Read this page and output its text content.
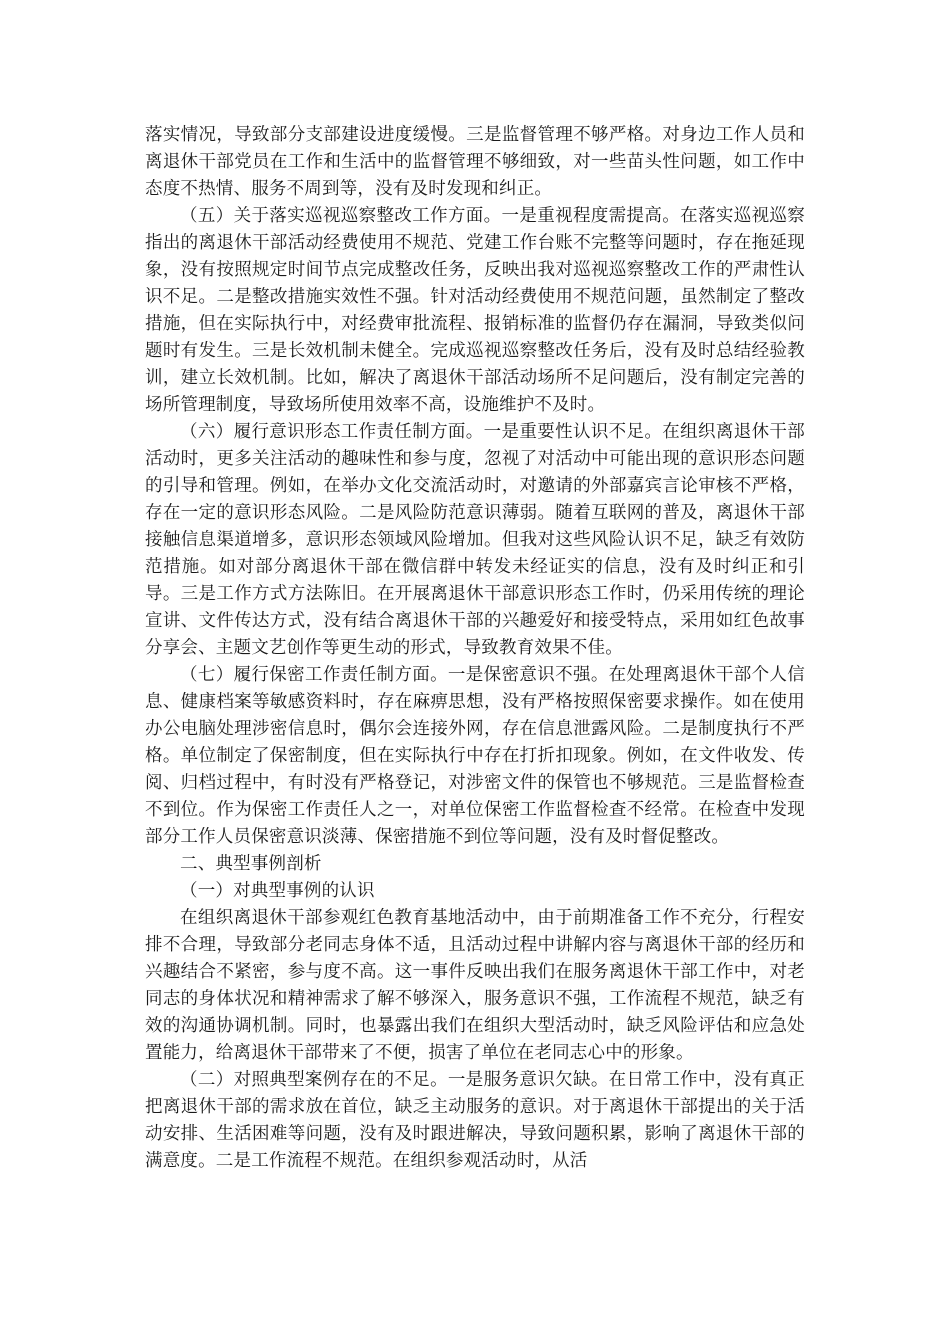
落实情况，导致部分支部建设进度缓慢。三是监督管理不够严格。对身边工作人员和离退休干部党员在工作和生活中的监督管理不够细致，对一些苗头性问题，如工作中态度不热情、服务不周到等，没有及时发现和纠正。

（五）关于落实巡视巡察整改工作方面。一是重视程度需提高。在落实巡视巡察指出的离退休干部活动经费使用不规范、党建工作台账不完整等问题时，存在拖延现象，没有按照规定时间节点完成整改任务，反映出我对巡视巡察整改工作的严肃性认识不足。二是整改措施实效性不强。针对活动经费使用不规范问题，虽然制定了整改措施，但在实际执行中，对经费审批流程、报销标准的监督仍存在漏洞，导致类似问题时有发生。三是长效机制未健全。完成巡视巡察整改任务后，没有及时总结经验教训，建立长效机制。比如，解决了离退休干部活动场所不足问题后，没有制定完善的场所管理制度，导致场所使用效率不高，设施维护不及时。

（六）履行意识形态工作责任制方面。一是重要性认识不足。在组织离退休干部活动时，更多关注活动的趣味性和参与度，忽视了对活动中可能出现的意识形态问题的引导和管理。例如，在举办文化交流活动时，对邀请的外部嘉宾言论审核不严格，存在一定的意识形态风险。二是风险防范意识薄弱。随着互联网的普及，离退休干部接触信息渠道增多，意识形态领域风险增加。但我对这些风险认识不足，缺乏有效防范措施。如对部分离退休干部在微信群中转发未经证实的信息，没有及时纠正和引导。三是工作方式方法陈旧。在开展离退休干部意识形态工作时，仍采用传统的理论宣讲、文件传达方式，没有结合离退休干部的兴趣爱好和接受特点，采用如红色故事分享会、主题文艺创作等更生动的形式，导致教育效果不佳。

（七）履行保密工作责任制方面。一是保密意识不强。在处理离退休干部个人信息、健康档案等敏感资料时，存在麻痹思想，没有严格按照保密要求操作。如在使用办公电脑处理涉密信息时，偶尔会连接外网，存在信息泄露风险。二是制度执行不严格。单位制定了保密制度，但在实际执行中存在打折扣现象。例如，在文件收发、传阅、归档过程中，有时没有严格登记，对涉密文件的保管也不够规范。三是监督检查不到位。作为保密工作责任人之一，对单位保密工作监督检查不经常。在检查中发现部分工作人员保密意识淡薄、保密措施不到位等问题，没有及时督促整改。

二、典型事例剖析

（一）对典型事例的认识

在组织离退休干部参观红色教育基地活动中，由于前期准备工作不充分，行程安排不合理，导致部分老同志身体不适，且活动过程中讲解内容与离退休干部的经历和兴趣结合不紧密，参与度不高。这一事件反映出我们在服务离退休干部工作中，对老同志的身体状况和精神需求了解不够深入，服务意识不强，工作流程不规范，缺乏有效的沟通协调机制。同时，也暴露出我们在组织大型活动时，缺乏风险评估和应急处置能力，给离退休干部带来了不便，损害了单位在老同志心中的形象。

（二）对照典型案例存在的不足。一是服务意识欠缺。在日常工作中，没有真正把离退休干部的需求放在首位，缺乏主动服务的意识。对于离退休干部提出的关于活动安排、生活困难等问题，没有及时跟进解决，导致问题积累，影响了离退休干部的满意度。二是工作流程不规范。在组织参观活动时，从活
